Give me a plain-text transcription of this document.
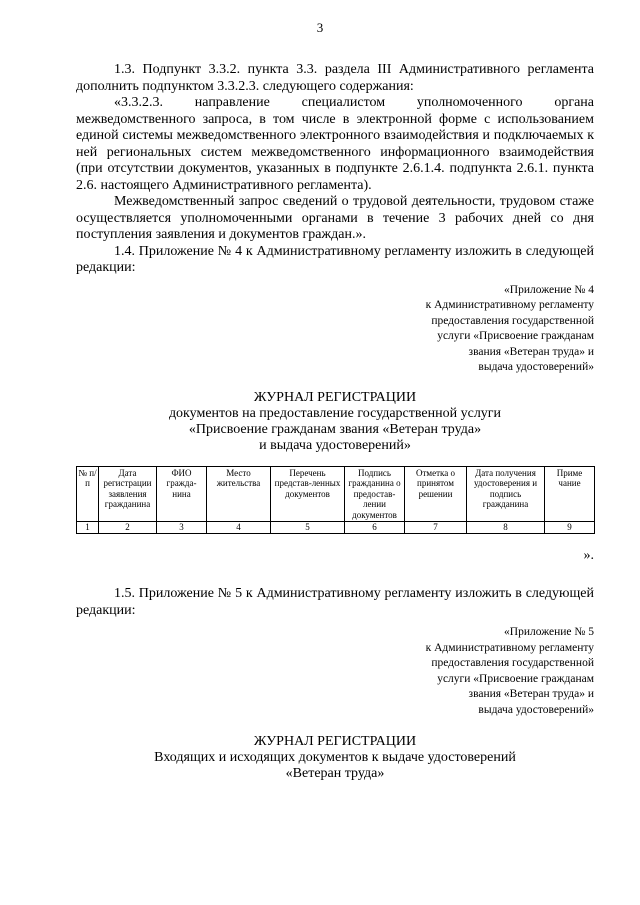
3

1.3. Подпункт 3.3.2. пункта 3.3. раздела III Административного регламента дополнить подпунктом 3.3.2.3. следующего содержания:

«3.3.2.3. направление специалистом уполномоченного органа межведомственного запроса, в том числе в электронной форме с использованием единой системы межведомственного электронного взаимодействия и подключаемых к ней региональных систем межведомственного информационного взаимодействия (при отсутствии документов, указанных в подпункте 2.6.1.4. подпункта 2.6.1. пункта 2.6. настоящего Административного регламента).

Межведомственный запрос сведений о трудовой деятельности, трудовом стаже осуществляется уполномоченными органами в течение 3 рабочих дней со дня поступления заявления и документов граждан.».

1.4. Приложение № 4 к Административному регламенту изложить в следующей редакции:

«Приложение № 4
к Административному регламенту
предоставления государственной
услуги «Присвоение гражданам
звания «Ветеран труда» и
выдача удостоверений»
ЖУРНАЛ РЕГИСТРАЦИИ
документов на предоставление государственной услуги
«Присвоение гражданам звания «Ветеран труда»
и выдача удостоверений»
№ п/п	Дата регистрации заявления гражданина	ФИО гражда-нина	Место жительства	Перечень представ-ленных документов	Подпись гражданина о предостав-лении документов	Отметка о принятом решении	Дата получения удостоверения и подпись гражданина	Приме чание
1	2	3	4	5	6	7	8	9
».

1.5. Приложение № 5 к Административному регламенту изложить в следующей редакции:

«Приложение № 5
к Административному регламенту
предоставления государственной
услуги «Присвоение гражданам
звания «Ветеран труда» и
выдача удостоверений»
ЖУРНАЛ РЕГИСТРАЦИИ
Входящих и исходящих документов к выдаче удостоверений
«Ветеран труда»
